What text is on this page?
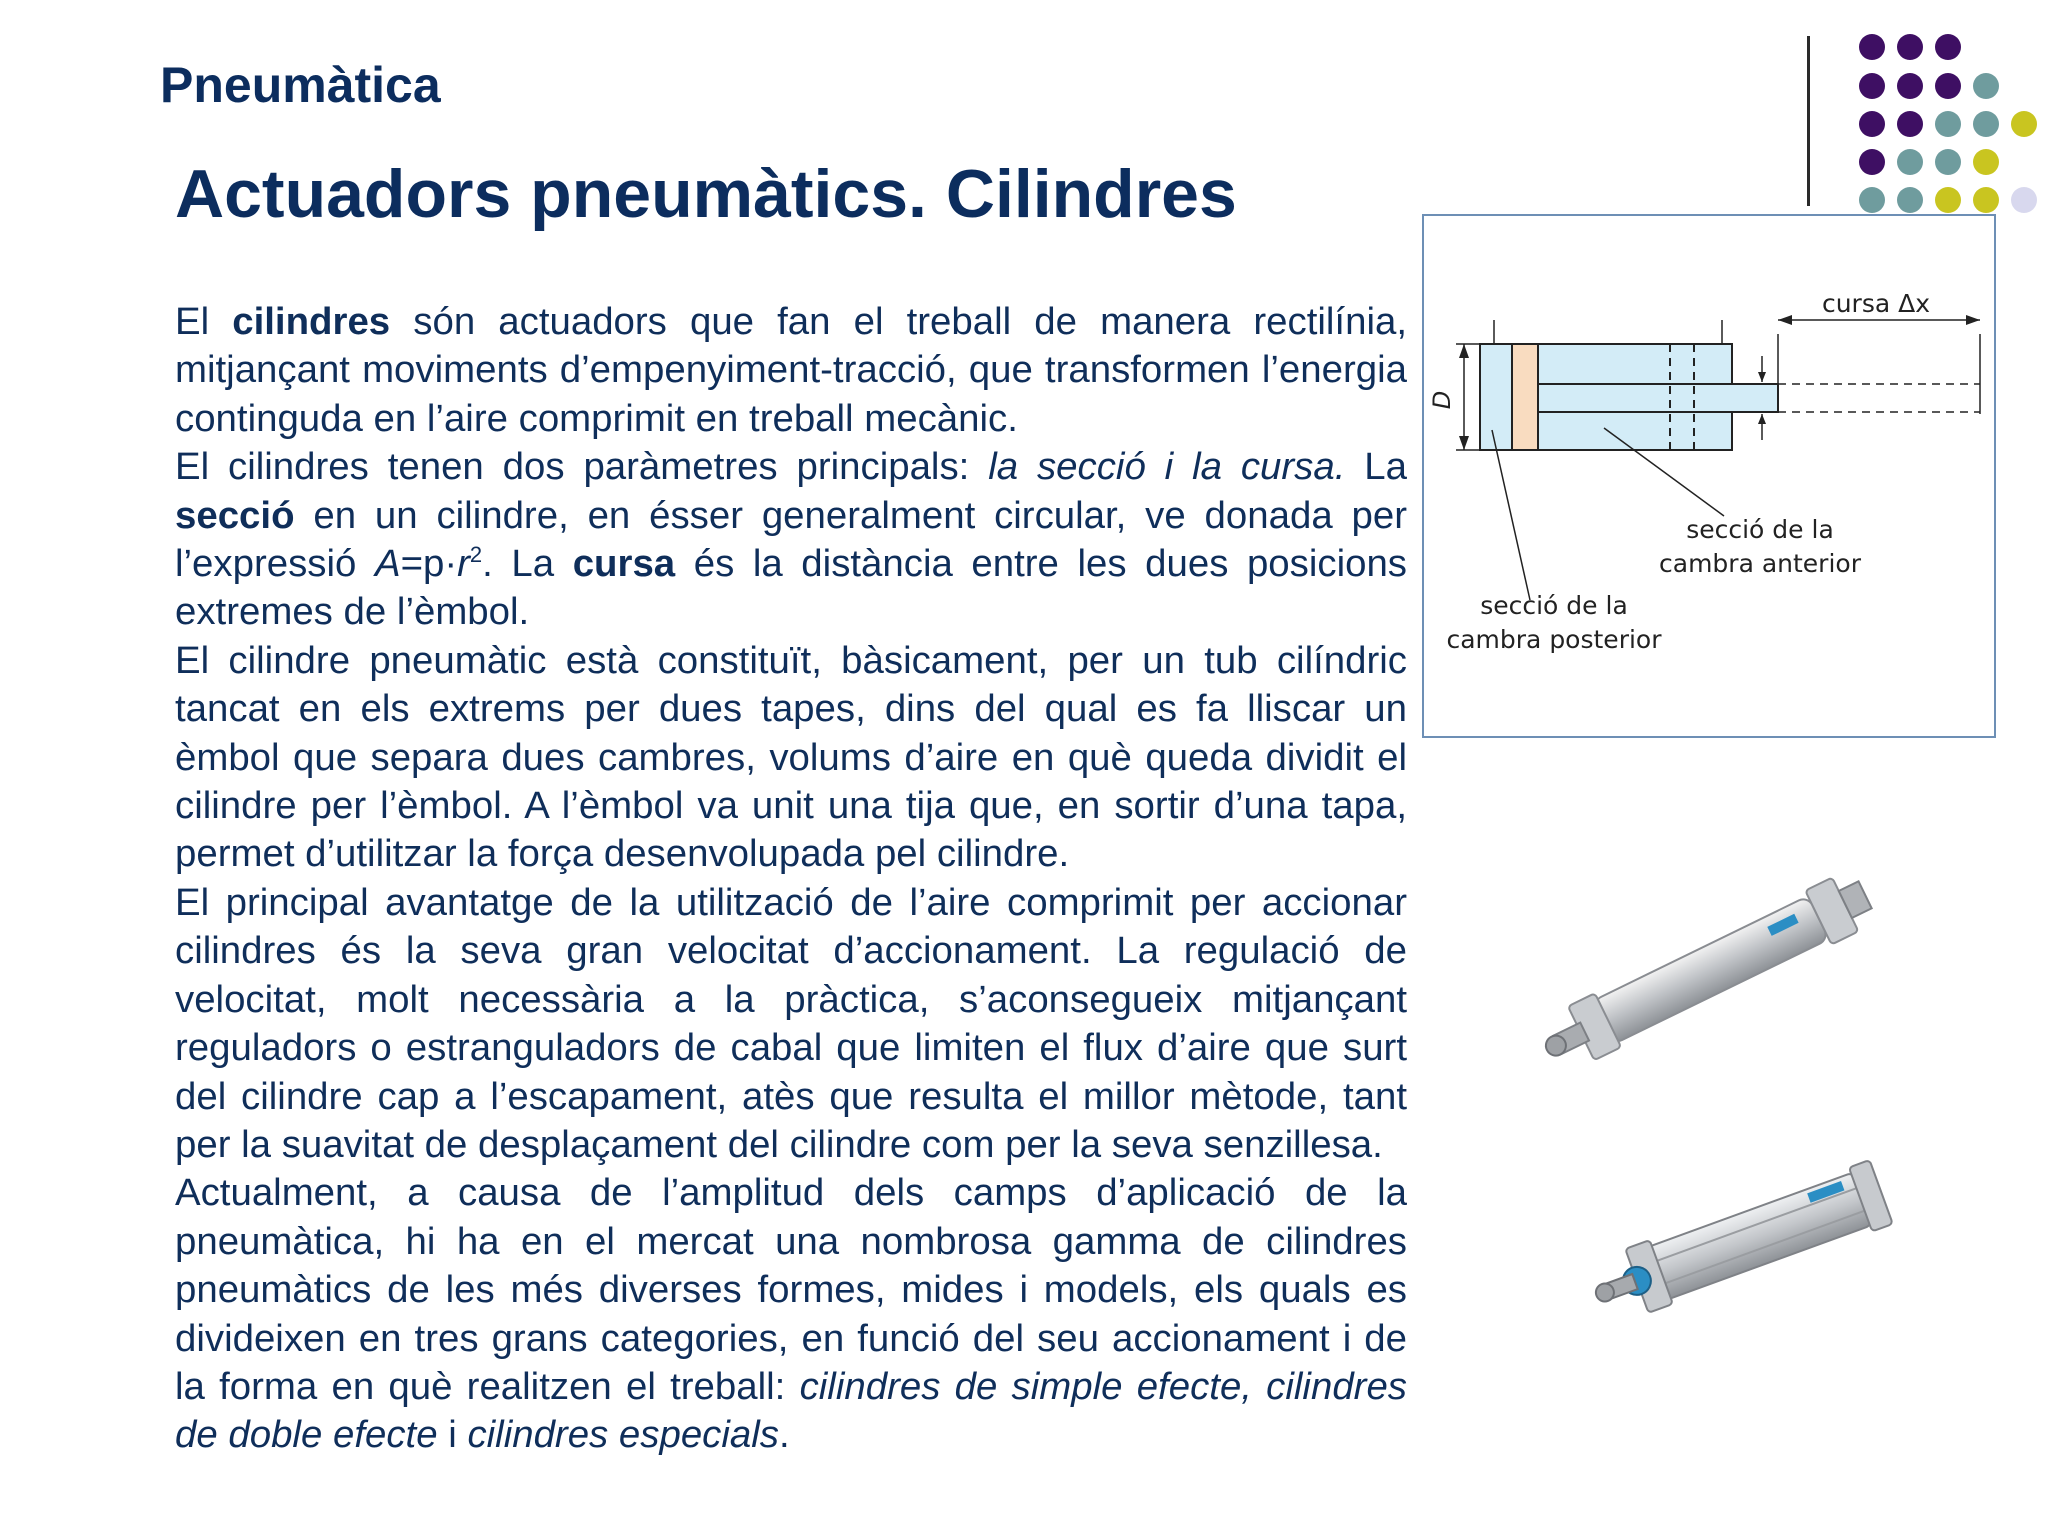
Pneumàtica
Actuadors pneumàtics. Cilindres

El cilindres són actuadors que fan el treball de manera rectilínia, mitjançant moviments d’empenyiment-tracció, que transformen l’energia continguda en l’aire comprimit en treball mecànic.

El cilindres tenen dos paràmetres principals: la secció i la cursa. La secció en un cilindre, en ésser generalment circular, ve donada per l’expressió $A=p\cdot r^2$. La cursa és la distància entre les dues posicions extremes de l’èmbol.

El cilindre pneumàtic està constituït, bàsicament, per un tub cilíndric tancat en els extrems per dues tapes, dins del qual es fa lliscar un èmbol que separa dues cambres, volums d’aire en què queda dividit el cilindre per l’èmbol. A l’èmbol va unit una tija que, en sortir d’una tapa, permet d’utilitzar la força desenvolupada pel cilindre.

El principal avantatge de la utilització de l’aire comprimit per accionar cilindres és la seva gran velocitat d’accionament. La regulació de velocitat, molt necessària a la pràctica, s’aconsegueix mitjançant reguladors o estranguladors de cabal que limiten el flux d’aire que surt del cilindre cap a l’escapament, atès que resulta el millor mètode, tant per la suavitat de desplaçament del cilindre com per la seva senzillesa.

Actualment, a causa de l’amplitud dels camps d’aplicació de la pneumàtica, hi ha en el mercat una nombrosa gamma de cilindres pneumàtics de les més diverses formes, mides i models, els quals es divideixen en tres grans categories, en funció del seu accionament i de la forma en què realitzen el treball: cilindres de simple efecte, cilindres de doble efecte i cilindres especials.

cursa Δx
D
secció de la
cambra anterior
secció de la
cambra posterior
